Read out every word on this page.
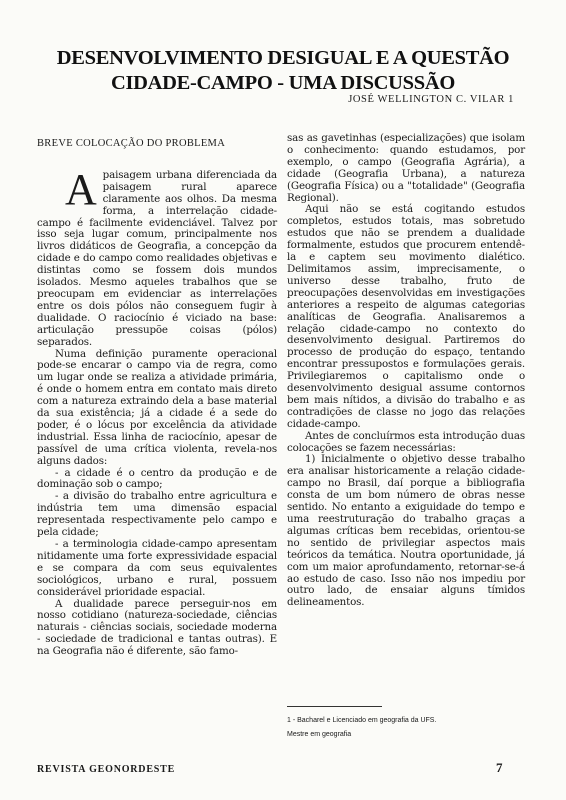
DESENVOLVIMENTO DESIGUAL E A QUESTÃO
CIDADE-CAMPO - UMA DISCUSSÃO
JOSÉ WELLINGTON C. VILAR 1

BREVE COLOCAÇÃO DO PROBLEMA

Apaisagem urbana diferenciada da paisagem rural aparece claramente aos olhos. Da mesma forma, a interrelação cidade-campo é facilmente evidenciável. Talvez por isso seja lugar comum, principalmente nos livros didáticos de Geografia, a concepção da cidade e do campo como realidades objetivas e distintas como se fossem dois mundos isolados. Mesmo aqueles trabalhos que se preocupam em evidenciar as interrelações entre os dois pólos não conseguem fugir à dualidade. O raciocínio é viciado na base: articulação pressupõe coisas (pólos) separados.

Numa definição puramente operacional pode-se encarar o campo via de regra, como um lugar onde se realiza a atividade primária, é onde o homem entra em contato mais direto com a natureza extraindo dela a base material da sua existência; já a cidade é a sede do poder, é o lócus por excelência da atividade industrial. Essa linha de raciocínio, apesar de passível de uma crítica violenta, revela-nos alguns dados:

- a cidade é o centro da produção e de dominação sob o campo;

- a divisão do trabalho entre agricultura e indústria tem uma dimensão espacial representada respectivamente pelo campo e pela cidade;

- a terminologia cidade-campo apresentam nitidamente uma forte expressividade espacial e se compara da com seus equivalentes sociológicos, urbano e rural, possuem considerável prioridade espacial.

A dualidade parece perseguir-nos em nosso cotidiano (natureza-sociedade, ciências naturais - ciências sociais, sociedade moderna - sociedade de tradicional e tantas outras). E na Geografia não é diferente, são famo-

sas as gavetinhas (especializações) que isolam o conhecimento: quando estudamos, por exemplo, o campo (Geografia Agrária), a cidade (Geografia Urbana), a natureza (Geografia Física) ou a "totalidade" (Geografia Regional).

Aqui não se está cogitando estudos completos, estudos totais, mas sobretudo estudos que não se prendem a dualidade formalmente, estudos que procurem entendê-la e captem seu movimento dialético. Delimitamos assim, imprecisamente, o universo desse trabalho, fruto de preocupações desenvolvidas em investigações anteriores a respeito de algumas categorias analíticas de Geografia. Analisaremos a relação cidade-campo no contexto do desenvolvimento desigual. Partiremos do processo de produção do espaço, tentando encontrar pressupostos e formulações gerais. Privilegiaremos o capitalismo onde o desenvolvimento desigual assume contornos bem mais nítidos, a divisão do trabalho e as contradições de classe no jogo das relações cidade-campo.

Antes de concluírmos esta introdução duas colocações se fazem necessárias:

1) Inicialmente o objetivo desse trabalho era analisar historicamente a relação cidade-campo no Brasil, daí porque a bibliografia consta de um bom número de obras nesse sentido. No entanto a exiguidade do tempo e uma reestruturação do trabalho graças a algumas críticas bem recebidas, orientou-se no sentido de privilegiar aspectos mais teóricos da temática. Noutra oportunidade, já com um maior aprofundamento, retornar-se-á ao estudo de caso. Isso não nos impediu por outro lado, de ensaiar alguns tímidos delineamentos.

1 - Bacharel e Licenciado em geografia da UFS.
Mestre em geografia
REVISTA GEONORDESTE	7
